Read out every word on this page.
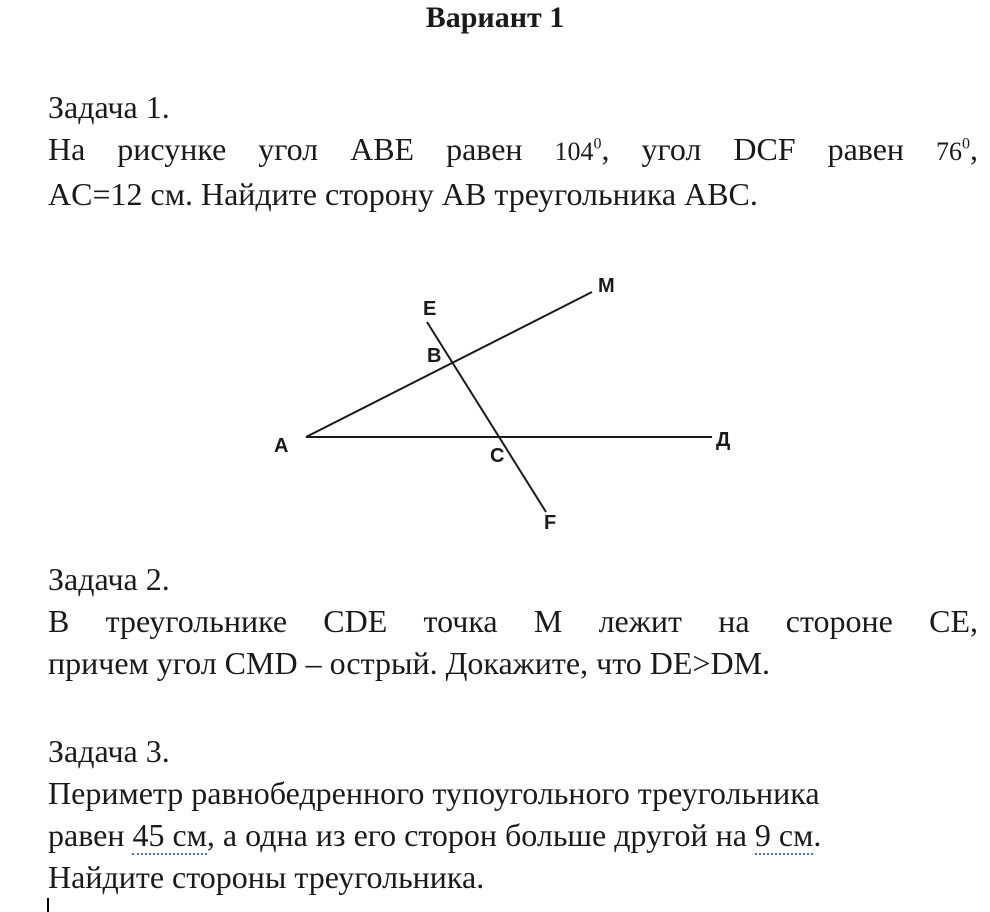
Вариант 1

Задача 1.

На рисунке угол ABE равен $104^0$, угол DCF равен $76^0$,

AC=12 см. Найдите сторону AB треугольника ABC.

A
B
C
Д
E
F
M

Задача 2.

В треугольнике CDE точка M лежит на стороне CE,

причем угол CMD – острый. Докажите, что DE>DM.

Задача 3.

Периметр равнобедренного тупоугольного треугольника

равен 45 см, а одна из его сторон больше другой на 9 см.

Найдите стороны треугольника.
